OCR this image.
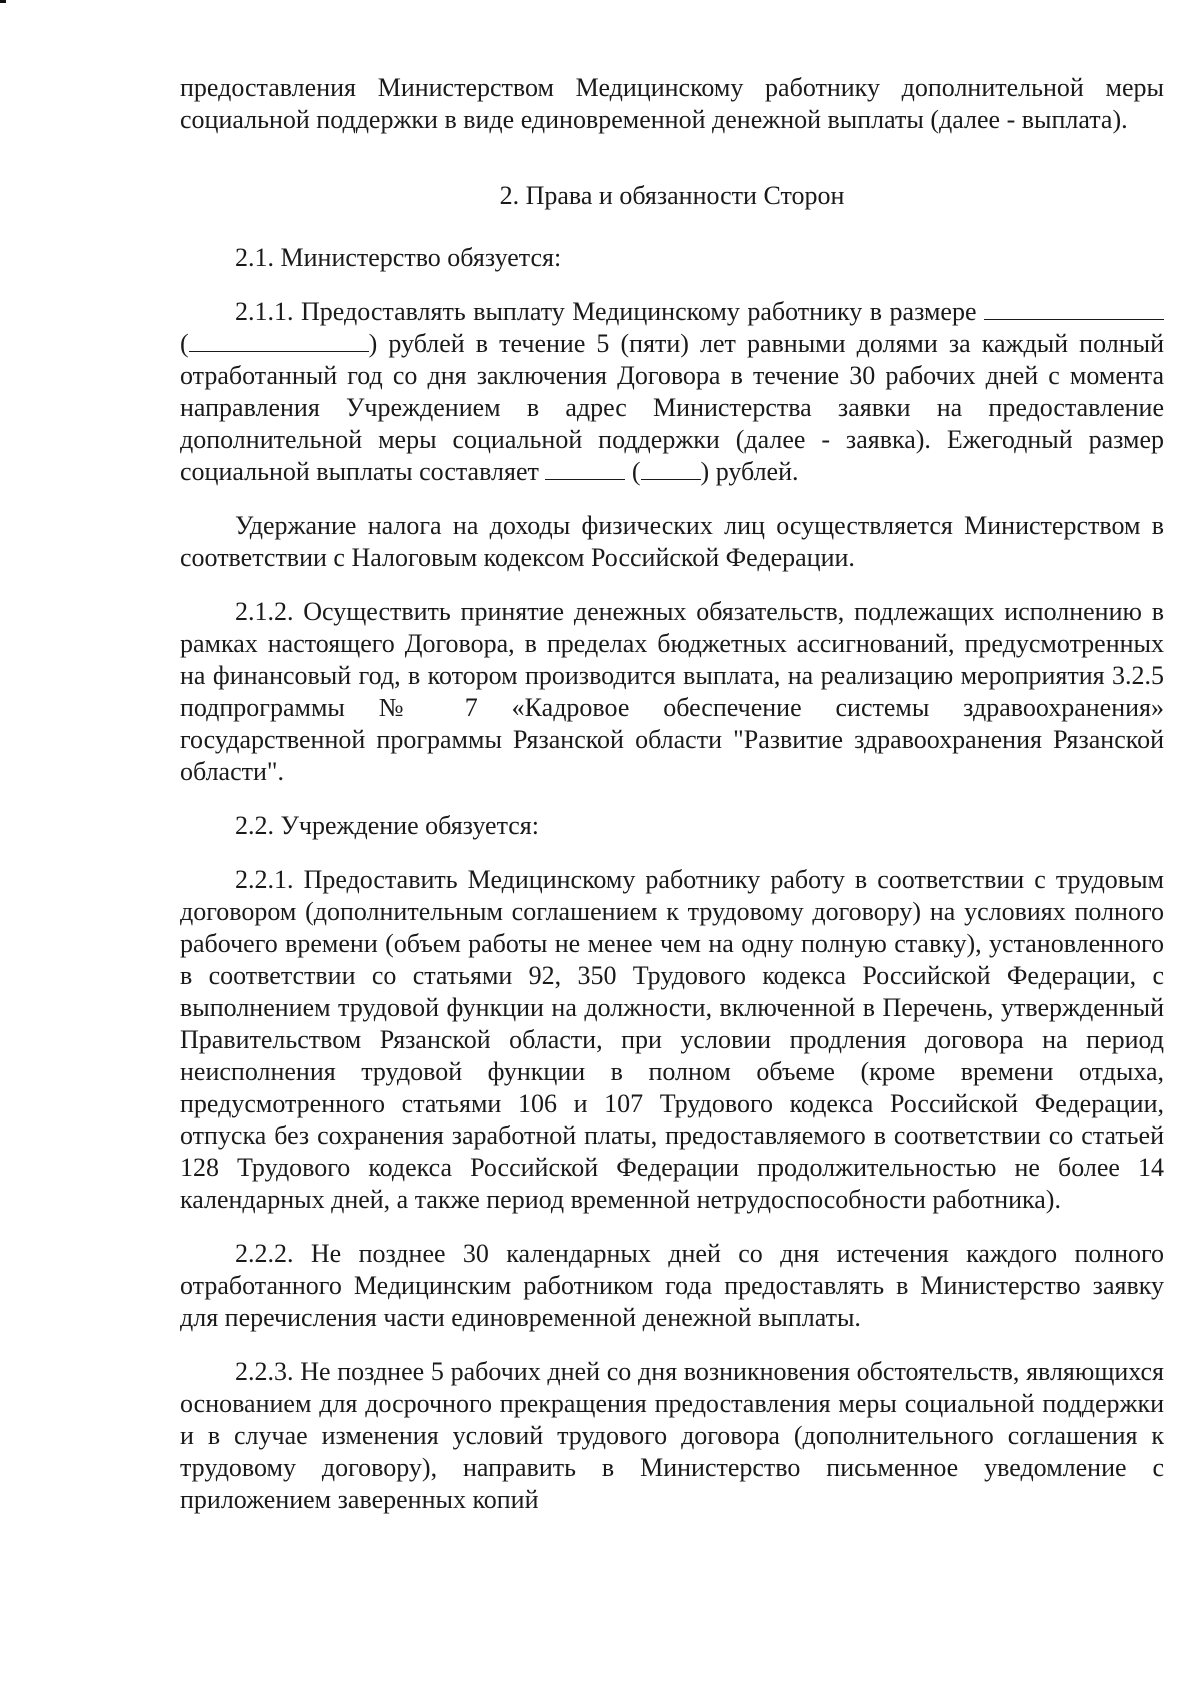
предоставления Министерством Медицинскому работнику дополнительной меры социальной поддержки в виде единовременной денежной выплаты (далее - выплата).

2. Права и обязанности Сторон

2.1. Министерство обязуется:

2.1.1. Предоставлять выплату Медицинскому работнику в размере  (	) рублей в течение 5 (пяти) лет равными долями за каждый полный отработанный год со дня заключения Договора в течение 30 рабочих дней с момента направления Учреждением в адрес Министерства заявки на предоставление дополнительной меры социальной поддержки (далее - заявка). Ежегодный размер социальной выплаты составляет	( ) рублей.

Удержание налога на доходы физических лиц осуществляется Министерством в соответствии с Налоговым кодексом Российской Федерации.

2.1.2. Осуществить принятие денежных обязательств, подлежащих исполнению в рамках настоящего Договора, в пределах бюджетных ассигнований, предусмотренных на финансовый год, в котором производится выплата, на реализацию мероприятия 3.2.5 подпрограммы № 7 «Кадровое обеспечение системы здравоохранения» государственной программы Рязанской области "Развитие здравоохранения Рязанской области".

2.2. Учреждение обязуется:

2.2.1. Предоставить Медицинскому работнику работу в соответствии с трудовым договором (дополнительным соглашением к трудовому договору) на условиях полного рабочего времени (объем работы не менее чем на одну полную ставку), установленного в соответствии со статьями 92, 350 Трудового кодекса Российской Федерации, с выполнением трудовой функции на должности, включенной в Перечень, утвержденный Правительством Рязанской области, при условии продления договора на период неисполнения трудовой функции в полном объеме (кроме времени отдыха, предусмотренного статьями 106 и 107 Трудового кодекса Российской Федерации, отпуска без сохранения заработной платы, предоставляемого в соответствии со статьей 128 Трудового кодекса Российской Федерации продолжительностью не более 14 календарных дней, а также период временной нетрудоспособности работника).

2.2.2. Не позднее 30 календарных дней со дня истечения каждого полного отработанного Медицинским работником года предоставлять в Министерство заявку для перечисления части единовременной денежной выплаты.

2.2.3. Не позднее 5 рабочих дней со дня возникновения обстоятельств, являющихся основанием для досрочного прекращения предоставления меры социальной поддержки и в случае изменения условий трудового договора (дополнительного соглашения к трудовому договору), направить в Министерство письменное уведомление с приложением заверенных копий
